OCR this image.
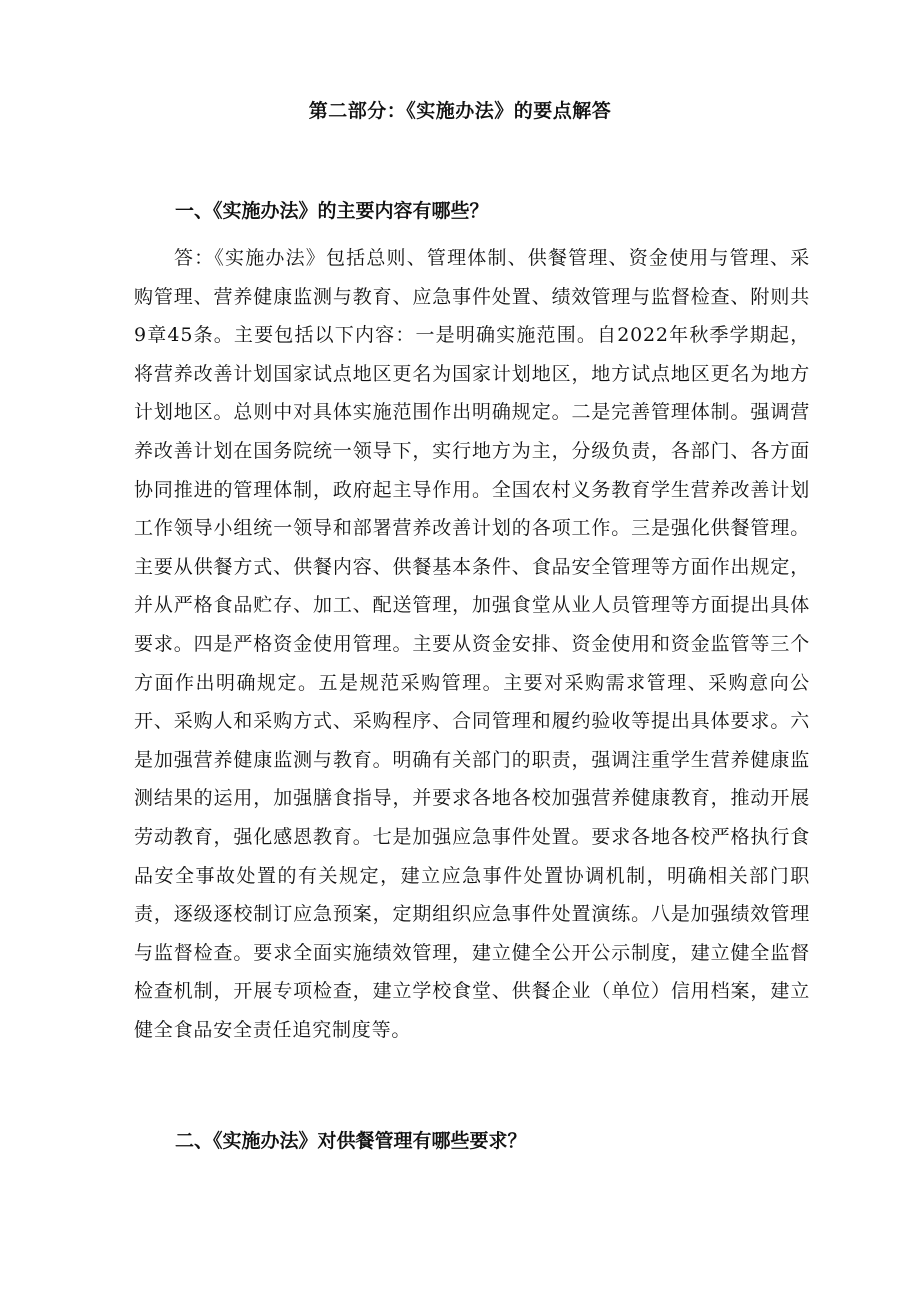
第二部分：《实施办法》的要点解答
一、《实施办法》的主要内容有哪些？
答：《实施办法》包括总则、管理体制、供餐管理、资金使用与管理、采购管理、营养健康监测与教育、应急事件处置、绩效管理与监督检查、附则共9章45条。主要包括以下内容：一是明确实施范围。自2022年秋季学期起，将营养改善计划国家试点地区更名为国家计划地区，地方试点地区更名为地方计划地区。总则中对具体实施范围作出明确规定。二是完善管理体制。强调营养改善计划在国务院统一领导下，实行地方为主，分级负责，各部门、各方面协同推进的管理体制，政府起主导作用。全国农村义务教育学生营养改善计划工作领导小组统一领导和部署营养改善计划的各项工作。三是强化供餐管理。主要从供餐方式、供餐内容、供餐基本条件、食品安全管理等方面作出规定，并从严格食品贮存、加工、配送管理，加强食堂从业人员管理等方面提出具体要求。四是严格资金使用管理。主要从资金安排、资金使用和资金监管等三个方面作出明确规定。五是规范采购管理。主要对采购需求管理、采购意向公开、采购人和采购方式、采购程序、合同管理和履约验收等提出具体要求。六是加强营养健康监测与教育。明确有关部门的职责，强调注重学生营养健康监测结果的运用，加强膳食指导，并要求各地各校加强营养健康教育，推动开展劳动教育，强化感恩教育。七是加强应急事件处置。要求各地各校严格执行食品安全事故处置的有关规定，建立应急事件处置协调机制，明确相关部门职责，逐级逐校制订应急预案，定期组织应急事件处置演练。八是加强绩效管理与监督检查。要求全面实施绩效管理，建立健全公开公示制度，建立健全监督检查机制，开展专项检查，建立学校食堂、供餐企业（单位）信用档案，建立健全食品安全责任追究制度等。
二、《实施办法》对供餐管理有哪些要求？
